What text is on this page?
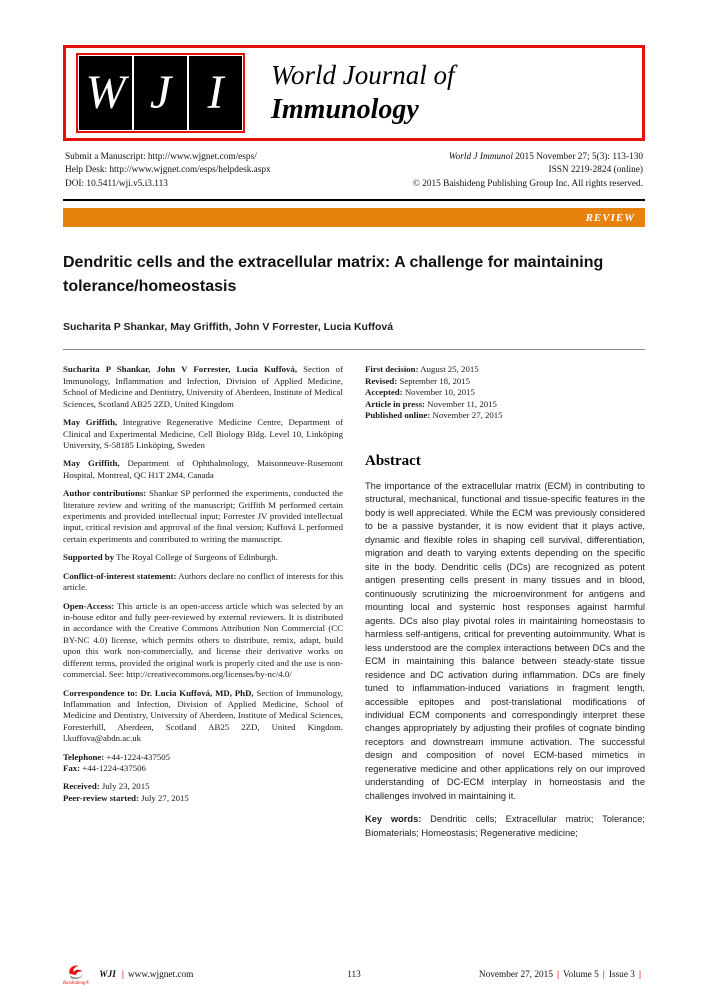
W J I	World Journal of
Immunology
Submit a Manuscript: http://www.wjgnet.com/esps/
Help Desk: http://www.wjgnet.com/esps/helpdesk.aspx
DOI: 10.5411/wji.v5.i3.113
World J Immunol 2015 November 27; 5(3): 113-130
ISSN 2219-2824 (online)
© 2015 Baishideng Publishing Group Inc. All rights reserved.
REVIEW
Dendritic cells and the extracellular matrix: A challenge for maintaining tolerance/homeostasis
Sucharita P Shankar, May Griffith, John V Forrester, Lucia Kuffová

Sucharita P Shankar, John V Forrester, Lucia Kuffová, Section of Immunology, Inflammation and Infection, Division of Applied Medicine, School of Medicine and Dentistry, University of Aberdeen, Institute of Medical Sciences, Scotland AB25 2ZD, United Kingdom

May Griffith, Integrative Regenerative Medicine Centre, Department of Clinical and Experimental Medicine, Cell Biology Bldg. Level 10, Linköping University, S-58185 Linköping, Sweden

May Griffith, Department of Ophthalmology, Maisonneuve-Rosemont Hospital, Montreal, QC H1T 2M4, Canada

Author contributions: Shankar SP performed the experiments, conducted the literature review and writing of the manuscript; Griffith M performed certain experiments and provided intellectual input; Forrester JV provided intellectual input, critical revision and approval of the final version; Kuffová L performed certain experiments and contributed to writing the manuscript.

Supported by The Royal College of Surgeons of Edinburgh.

Conflict-of-interest statement: Authors declare no conflict of interests for this article.

Open-Access: This article is an open-access article which was selected by an in-house editor and fully peer-reviewed by external reviewers. It is distributed in accordance with the Creative Commons Attribution Non Commercial (CC BY-NC 4.0) license, which permits others to distribute, remix, adapt, build upon this work non-commercially, and license their derivative works on different terms, provided the original work is properly cited and the use is non-commercial. See: http://creativecommons.org/licenses/by-nc/4.0/

Correspondence to: Dr. Lucia Kuffová, MD, PhD, Section of Immunology, Inflammation and Infection, Division of Applied Medicine, School of Medicine and Dentistry, University of Aberdeen, Institute of Medical Sciences, Foresterhill, Aberdeen, Scotland AB25 2ZD, United Kingdom. l.kuffova@abdn.ac.uk

Telephone: +44-1224-437505

Fax: +44-1224-437506

Received: July 23, 2015

Peer-review started: July 27, 2015

First decision: August 25, 2015

Revised: September 18, 2015

Accepted: November 10, 2015

Article in press: November 11, 2015

Published online: November 27, 2015

Abstract

The importance of the extracellular matrix (ECM) in contributing to structural, mechanical, functional and tissue-specific features in the body is well appreciated. While the ECM was previously considered to be a passive bystander, it is now evident that it plays active, dynamic and flexible roles in shaping cell survival, differentiation, migration and death to varying extents depending on the specific site in the body. Dendritic cells (DCs) are recognized as potent antigen presenting cells present in many tissues and in blood, continuously scrutinizing the microenvironment for antigens and mounting local and systemic host responses against harmful agents. DCs also play pivotal roles in maintaining homeostasis to harmless self-antigens, critical for preventing autoimmunity. What is less understood are the complex interactions between DCs and the ECM in maintaining this balance between steady-state tissue residence and DC activation during inflammation. DCs are finely tuned to inflammation-induced variations in fragment length, accessible epitopes and post-translational modifications of individual ECM components and correspondingly interpret these changes appropriately by adjusting their profiles of cognate binding receptors and downstream immune activation. The successful design and composition of novel ECM-based mimetics in regenerative medicine and other applications rely on our improved understanding of DC-ECM interplay in homeostasis and the challenges involved in maintaining it.

Key words: Dendritic cells; Extracellular matrix; Tolerance; Biomaterials; Homeostasis; Regenerative medicine;

Baishideng®
WJI | www.wjgnet.com	113	November 27, 2015 | Volume 5 | Issue 3 |
